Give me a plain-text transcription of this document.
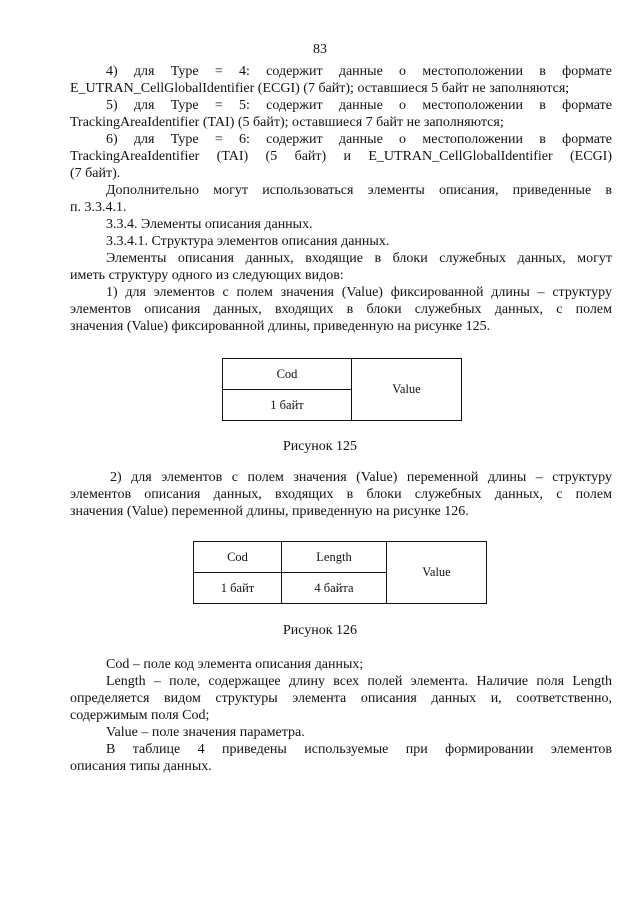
83

4) для Type = 4: содержит данные о местоположении в формате

E_UTRAN_CellGlobalIdentifier (ECGI) (7 байт); оставшиеся 5 байт не заполняются;

5) для Type = 5: содержит данные о местоположении в формате

TrackingAreaIdentifier (TAI) (5 байт); оставшиеся 7 байт не заполняются;

6) для Type = 6: содержит данные о местоположении в формате

TrackingAreaIdentifier (TAI) (5 байт) и E_UTRAN_CellGlobalIdentifier (ECGI)

(7 байт).

Дополнительно могут использоваться элементы описания, приведенные в

п. 3.3.4.1.

3.3.4. Элементы описания данных.

3.3.4.1. Структура элементов описания данных.

Элементы описания данных, входящие в блоки служебных данных, могут

иметь структуру одного из следующих видов:

1) для элементов с полем значения (Value) фиксированной длины – структуру

элементов описания данных, входящих в блоки служебных данных, с полем

значения (Value) фиксированной длины, приведенную на рисунке 125.

Cod	Value
1 байт
Рисунок 125

2) для элементов с полем значения (Value) переменной длины – структуру

элементов описания данных, входящих в блоки служебных данных, с полем

значения (Value) переменной длины, приведенную на рисунке 126.

Cod	Length	Value
1 байт	4 байта	
Рисунок 126

Cod – поле код элемента описания данных;

Length – поле, содержащее длину всех полей элемента. Наличие поля Length

определяется видом структуры элемента описания данных и, соответственно,

содержимым поля Cod;

Value – поле значения параметра.

В таблице 4 приведены используемые при формировании элементов

описания типы данных.
